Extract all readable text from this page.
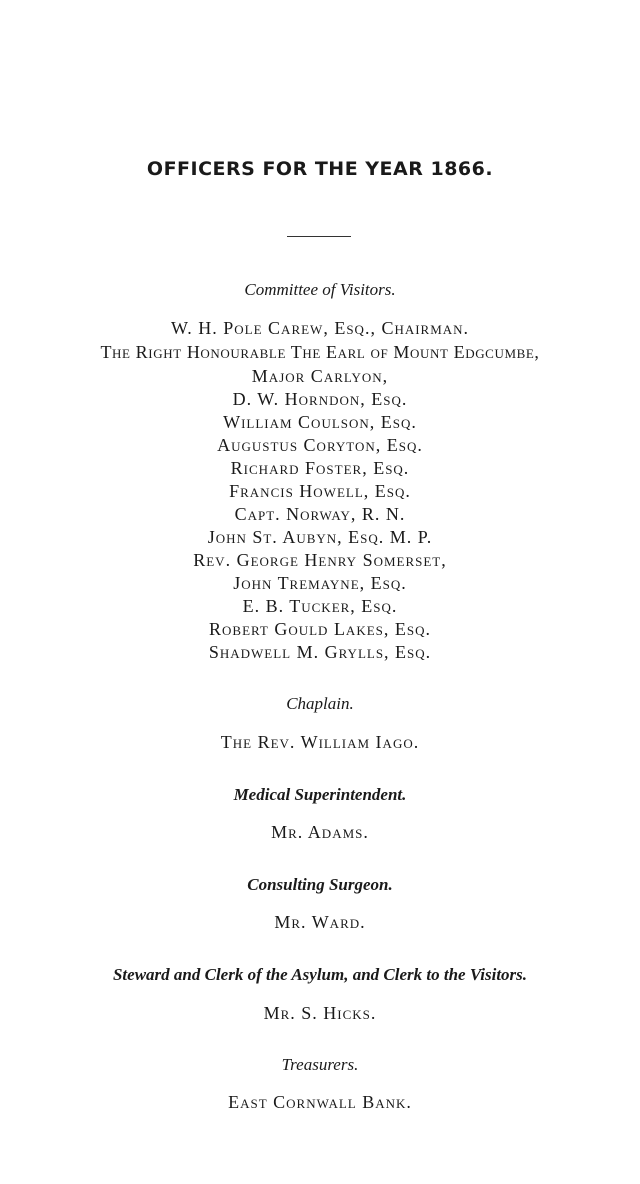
OFFICERS FOR THE YEAR 1866.
Committee of Visitors.
W. H. Pole Carew, Esq., Chairman.
The Right Honourable The Earl of Mount Edgcumbe,
Major Carlyon,
D. W. Horndon, Esq.
William Coulson, Esq.
Augustus Coryton, Esq.
Richard Foster, Esq.
Francis Howell, Esq.
Capt. Norway, R. N.
John St. Aubyn, Esq. M. P.
Rev. George Henry Somerset,
John Tremayne, Esq.
E. B. Tucker, Esq.
Robert Gould Lakes, Esq.
Shadwell M. Grylls, Esq.
Chaplain.
The Rev. William Iago.
Medical Superintendent.
Mr. Adams.
Consulting Surgeon.
Mr. Ward.
Steward and Clerk of the Asylum, and Clerk to the Visitors.
Mr. S. Hicks.
Treasurers.
East Cornwall Bank.
